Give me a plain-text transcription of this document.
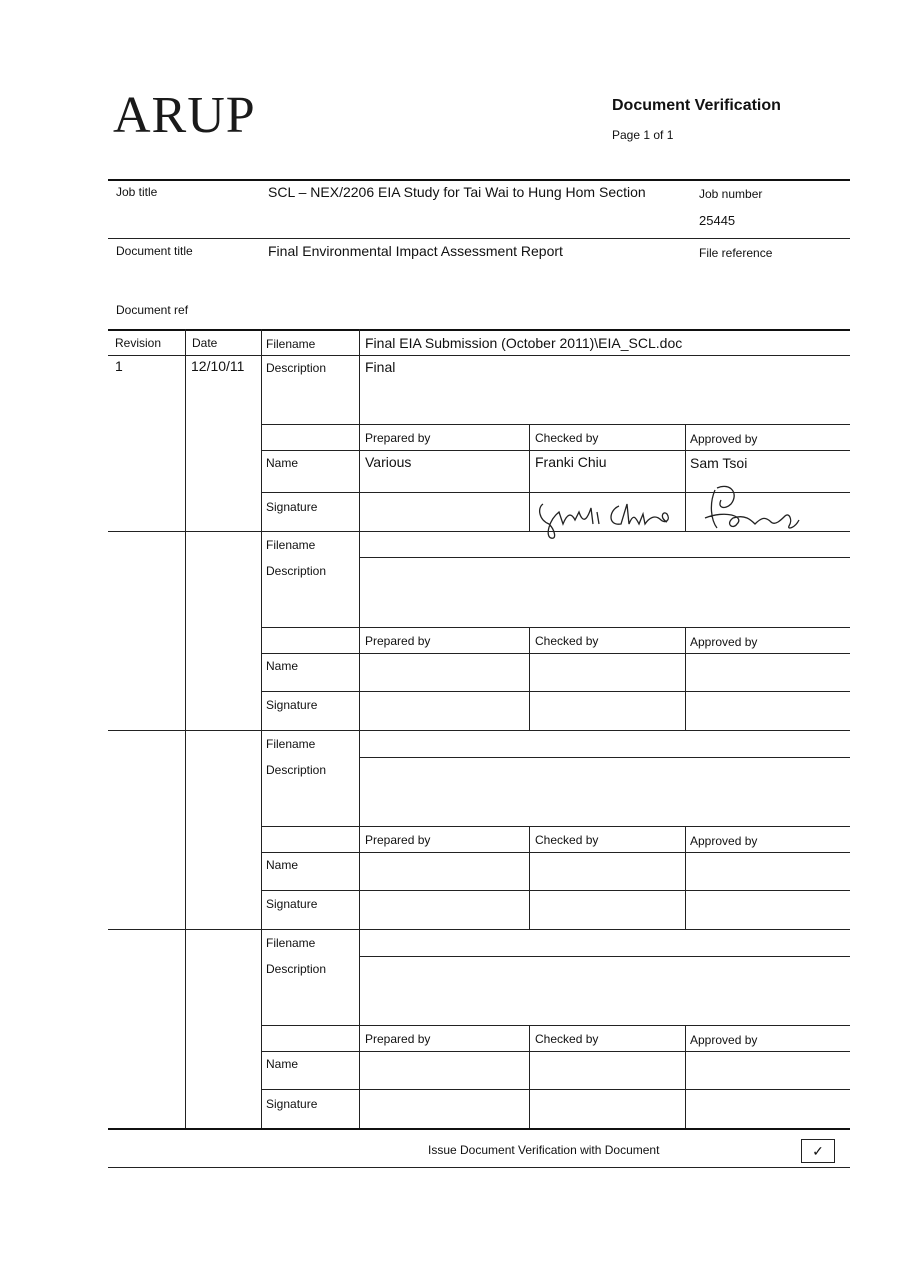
ARUP	Document Verification
Page 1 of 1
Job title	SCL – NEX/2206 EIA Study for Tai Wai to Hung Hom Section	Job number
25445
Document title	Final Environmental Impact Assessment Report	File reference
Document ref
Revision	Date	Filename	Final EIA Submission (October 2011)\EIA_SCL.doc
1	12/10/11 Description	Final
Prepared by	Checked by	Approved by
Name	Various	Franki Chiu	Sam Tsoi
Signature
Filename
Description
Prepared by	Checked by	Approved by
Name
Signature
Filename
Description
Prepared by	Checked by	Approved by
Name
Signature
Filename
Description
Prepared by	Checked by	Approved by
Name
Signature
Issue Document Verification with Document	✓
